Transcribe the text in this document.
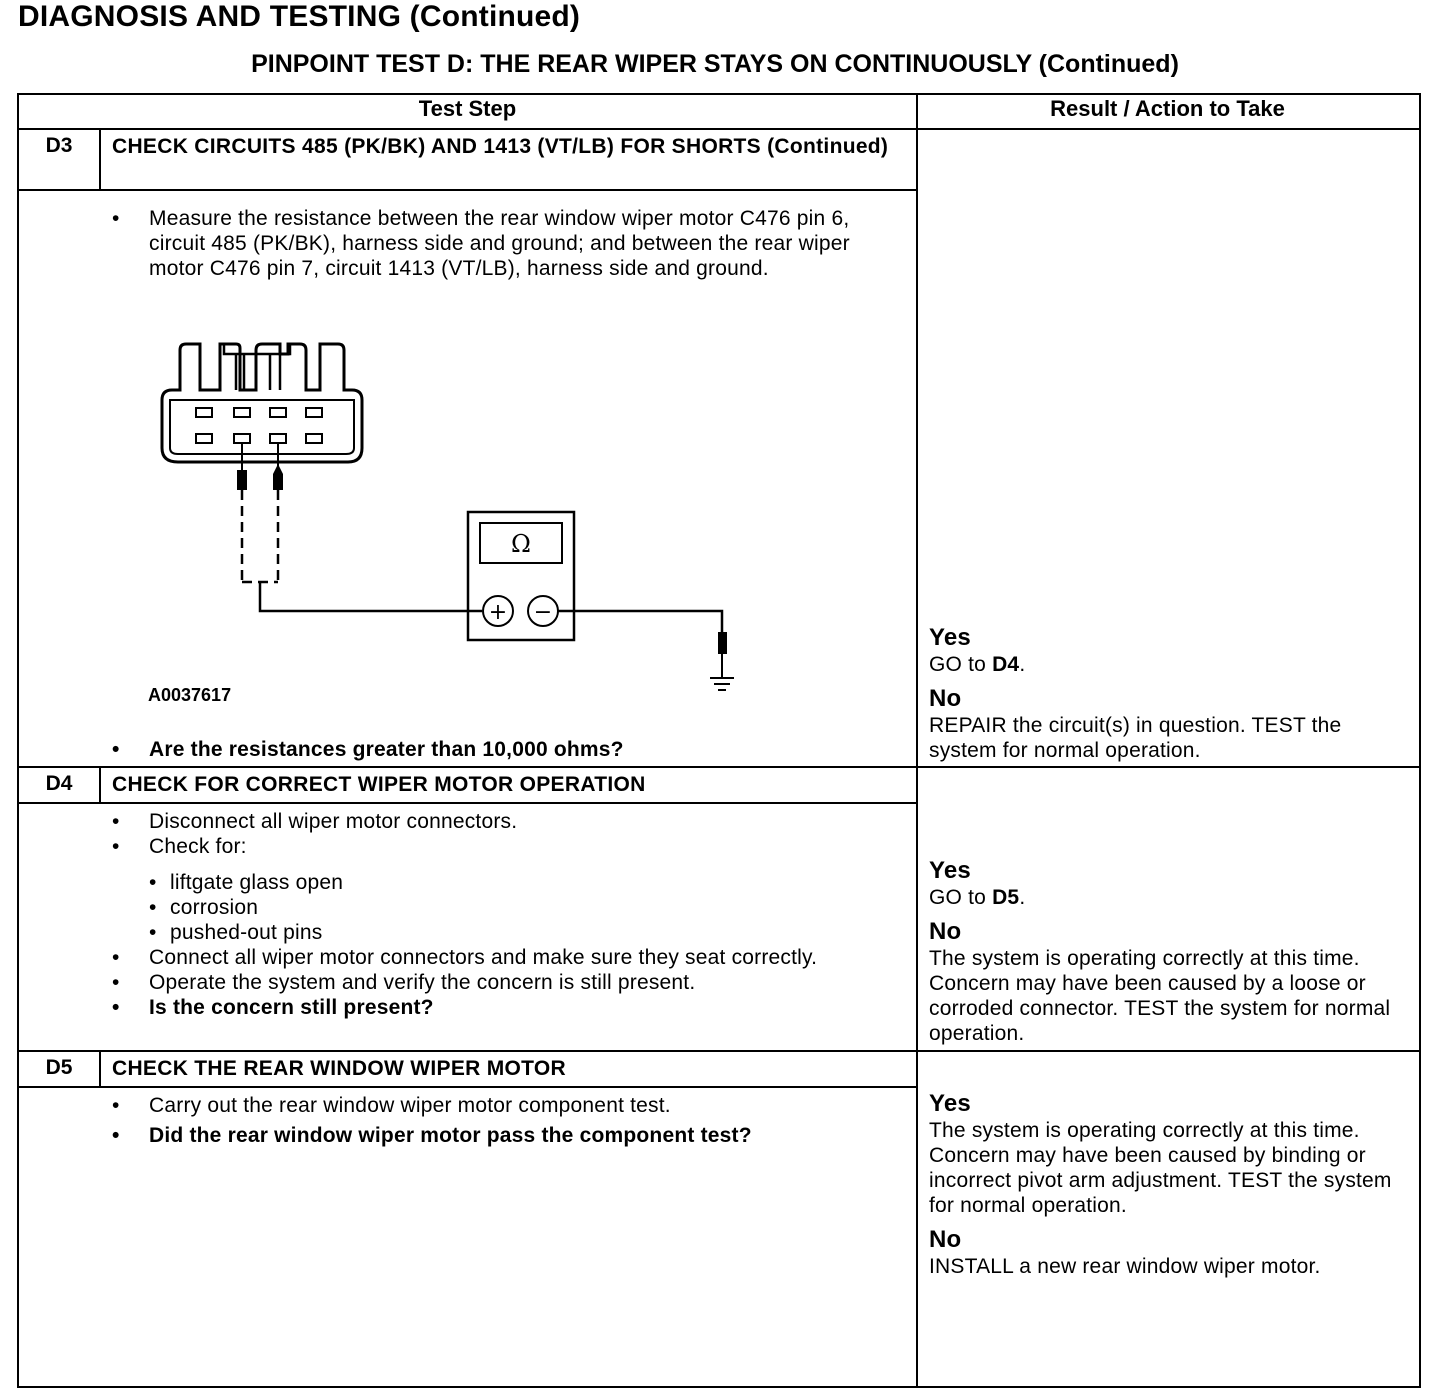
DIAGNOSIS AND TESTING (Continued)
PINPOINT TEST D: THE REAR WIPER STAYS ON CONTINUOUSLY (Continued)
Test Step	Result / Action to Take
D3	CHECK CIRCUITS 485 (PK/BK) AND 1413 (VT/LB) FOR SHORTS (Continued)
•	Measure the resistance between the rear window wiper motor C476 pin 6, circuit 485 (PK/BK), harness side and ground; and between the rear wiper motor C476 pin 7, circuit 1413 (VT/LB), harness side and ground.
Ω
+ −
A0037617
•	Are the resistances greater than 10,000 ohms?
Yes
GO to D4.
No
REPAIR the circuit(s) in question. TEST the system for normal operation.
D4	CHECK FOR CORRECT WIPER MOTOR OPERATION
•	Disconnect all wiper motor connectors.
•	Check for:
• liftgate glass open
• corrosion
• pushed-out pins
•	Connect all wiper motor connectors and make sure they seat correctly.
•	Operate the system and verify the concern is still present.
•	Is the concern still present?
Yes
GO to D5.
No
The system is operating correctly at this time. Concern may have been caused by a loose or corroded connector. TEST the system for normal operation.
D5	CHECK THE REAR WINDOW WIPER MOTOR
•	Carry out the rear window wiper motor component test.
•	Did the rear window wiper motor pass the component test?
Yes
The system is operating correctly at this time. Concern may have been caused by binding or incorrect pivot arm adjustment. TEST the system for normal operation.
No
INSTALL a new rear window wiper motor.
